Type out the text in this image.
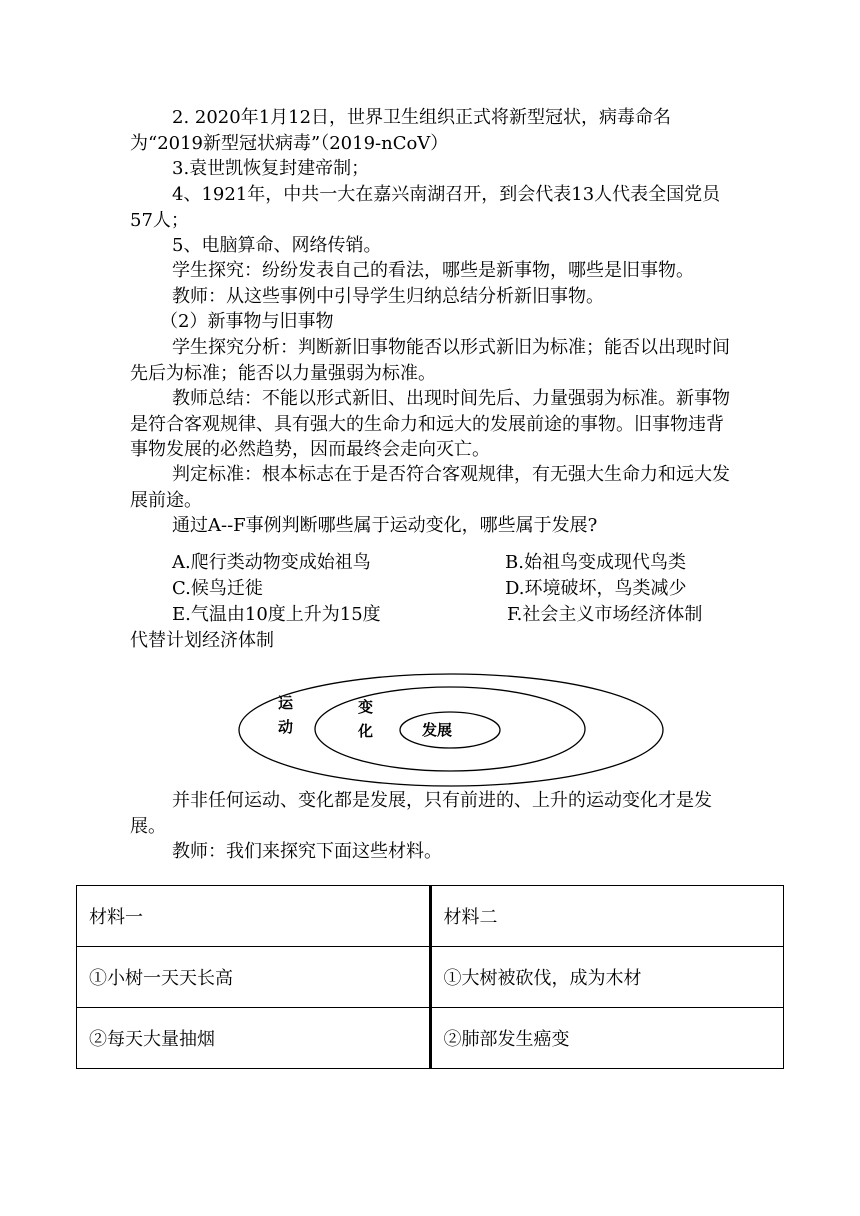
2. 2020年1月12日，世界卫生组织正式将新型冠状，病毒命名为“2019新型冠状病毒”（2019-nCoV）

3.袁世凯恢复封建帝制；

4、1921年，中共一大在嘉兴南湖召开，到会代表13人代表全国党员57人；

5、电脑算命、网络传销。

学生探究：纷纷发表自己的看法，哪些是新事物，哪些是旧事物。

教师：从这些事例中引导学生归纳总结分析新旧事物。

（2）新事物与旧事物

学生探究分析：判断新旧事物能否以形式新旧为标准；能否以出现时间先后为标准；能否以力量强弱为标准。

教师总结：不能以形式新旧、出现时间先后、力量强弱为标准。新事物是符合客观规律、具有强大的生命力和远大的发展前途的事物。旧事物违背事物发展的必然趋势，因而最终会走向灭亡。

判定标准：根本标志在于是否符合客观规律，有无强大生命力和远大发展前途。

通过A--F事例判断哪些属于运动变化，哪些属于发展?

A.爬行类动物变成始祖鸟	B.始祖鸟变成现代鸟类
C.候鸟迁徙	D.环境破坏，鸟类减少
E.气温由10度上升为15度	F.社会主义市场经济体制
代替计划经济体制
运
动
变
化	发展

并非任何运动、变化都是发展，只有前进的、上升的运动变化才是发展。

教师：我们来探究下面这些材料。

材料一	材料二
①小树一天天长高	①大树被砍伐，成为木材
②每天大量抽烟	②肺部发生癌变
